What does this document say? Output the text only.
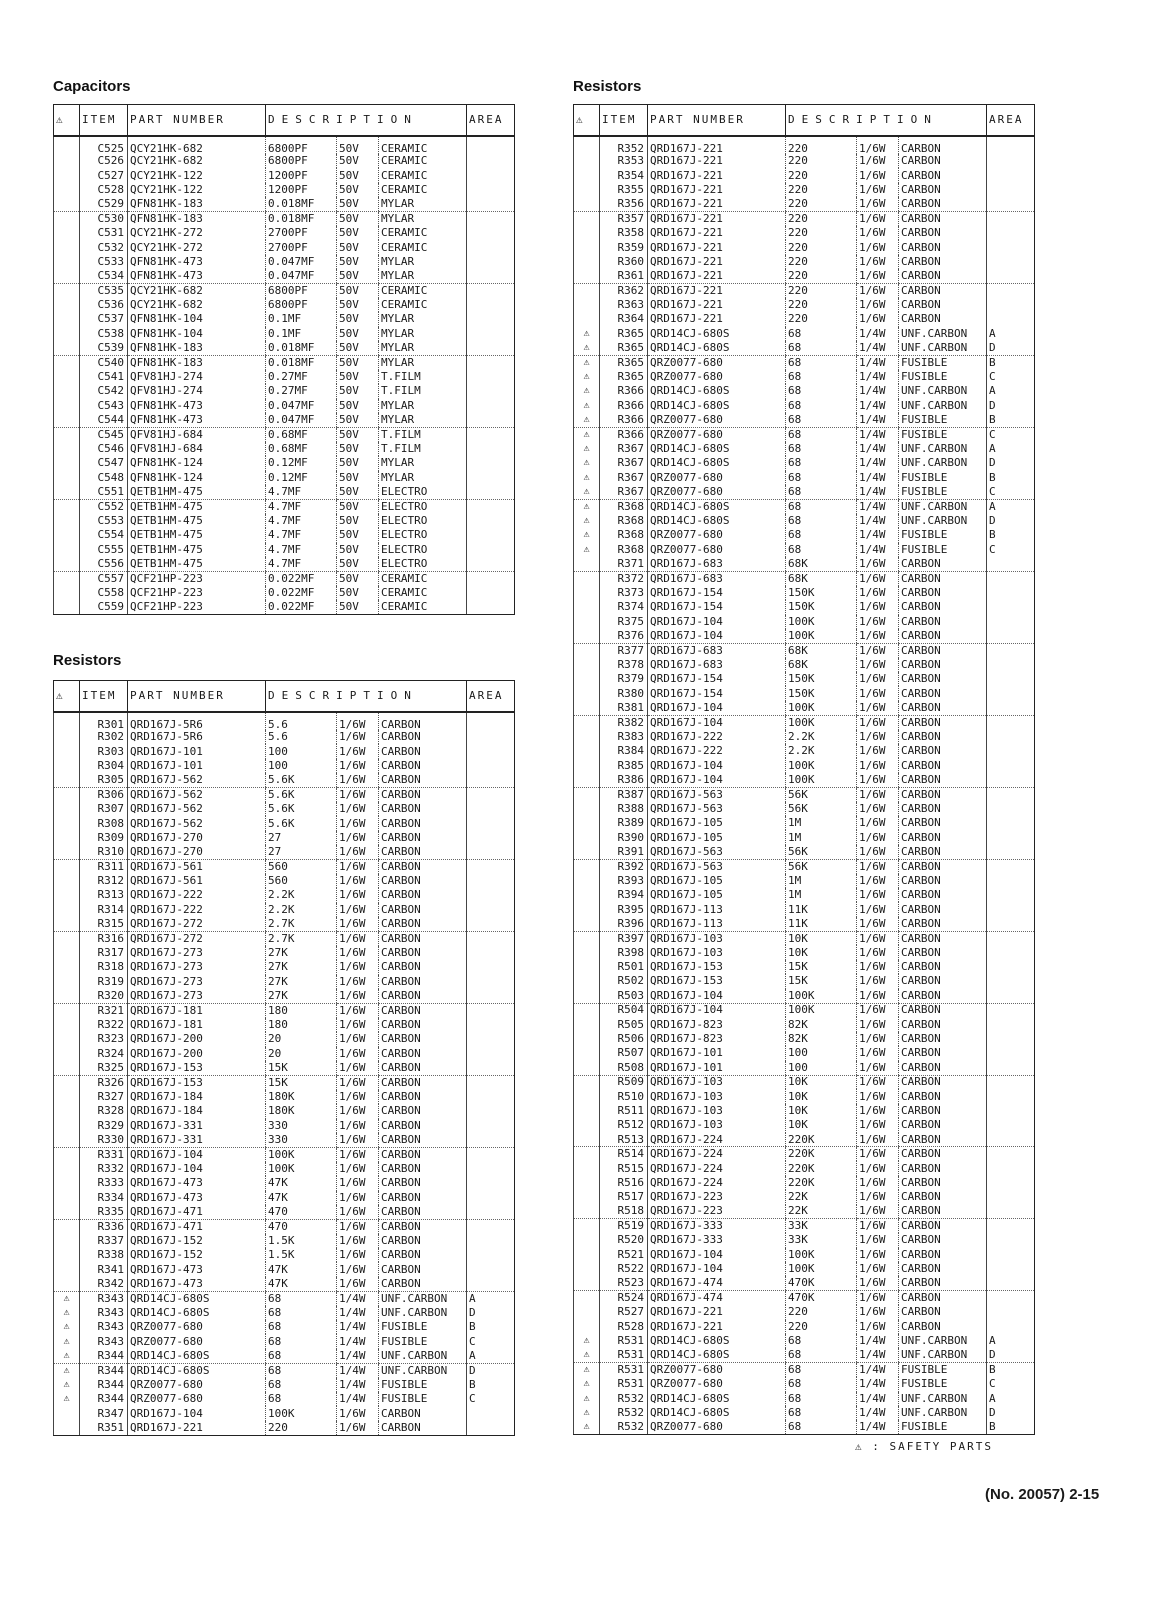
Capacitors
⚠	ITEM	PART NUMBER	DESCRIPTION			AREA
	C525	QCY21HK-682	6800PF	50V	CERAMIC	
	C526	QCY21HK-682	6800PF	50V	CERAMIC	
	C527	QCY21HK-122	1200PF	50V	CERAMIC	
	C528	QCY21HK-122	1200PF	50V	CERAMIC	
	C529	QFN81HK-183	0.018MF	50V	MYLAR	
	C530	QFN81HK-183	0.018MF	50V	MYLAR	
	C531	QCY21HK-272	2700PF	50V	CERAMIC	
	C532	QCY21HK-272	2700PF	50V	CERAMIC	
	C533	QFN81HK-473	0.047MF	50V	MYLAR	
	C534	QFN81HK-473	0.047MF	50V	MYLAR	
	C535	QCY21HK-682	6800PF	50V	CERAMIC	
	C536	QCY21HK-682	6800PF	50V	CERAMIC	
	C537	QFN81HK-104	0.1MF	50V	MYLAR	
	C538	QFN81HK-104	0.1MF	50V	MYLAR	
	C539	QFN81HK-183	0.018MF	50V	MYLAR	
	C540	QFN81HK-183	0.018MF	50V	MYLAR	
	C541	QFV81HJ-274	0.27MF	50V	T.FILM	
	C542	QFV81HJ-274	0.27MF	50V	T.FILM	
	C543	QFN81HK-473	0.047MF	50V	MYLAR	
	C544	QFN81HK-473	0.047MF	50V	MYLAR	
	C545	QFV81HJ-684	0.68MF	50V	T.FILM	
	C546	QFV81HJ-684	0.68MF	50V	T.FILM	
	C547	QFN81HK-124	0.12MF	50V	MYLAR	
	C548	QFN81HK-124	0.12MF	50V	MYLAR	
	C551	QETB1HM-475	4.7MF	50V	ELECTRO	
	C552	QETB1HM-475	4.7MF	50V	ELECTRO	
	C553	QETB1HM-475	4.7MF	50V	ELECTRO	
	C554	QETB1HM-475	4.7MF	50V	ELECTRO	
	C555	QETB1HM-475	4.7MF	50V	ELECTRO	
	C556	QETB1HM-475	4.7MF	50V	ELECTRO	
	C557	QCF21HP-223	0.022MF	50V	CERAMIC	
	C558	QCF21HP-223	0.022MF	50V	CERAMIC	
	C559	QCF21HP-223	0.022MF	50V	CERAMIC	
Resistors
⚠	ITEM	PART NUMBER	DESCRIPTION			AREA
	R301	QRD167J-5R6	5.6	1/6W	CARBON	
	R302	QRD167J-5R6	5.6	1/6W	CARBON	
	R303	QRD167J-101	100	1/6W	CARBON	
	R304	QRD167J-101	100	1/6W	CARBON	
	R305	QRD167J-562	5.6K	1/6W	CARBON	
	R306	QRD167J-562	5.6K	1/6W	CARBON	
	R307	QRD167J-562	5.6K	1/6W	CARBON	
	R308	QRD167J-562	5.6K	1/6W	CARBON	
	R309	QRD167J-270	27	1/6W	CARBON	
	R310	QRD167J-270	27	1/6W	CARBON	
	R311	QRD167J-561	560	1/6W	CARBON	
	R312	QRD167J-561	560	1/6W	CARBON	
	R313	QRD167J-222	2.2K	1/6W	CARBON	
	R314	QRD167J-222	2.2K	1/6W	CARBON	
	R315	QRD167J-272	2.7K	1/6W	CARBON	
	R316	QRD167J-272	2.7K	1/6W	CARBON	
	R317	QRD167J-273	27K	1/6W	CARBON	
	R318	QRD167J-273	27K	1/6W	CARBON	
	R319	QRD167J-273	27K	1/6W	CARBON	
	R320	QRD167J-273	27K	1/6W	CARBON	
	R321	QRD167J-181	180	1/6W	CARBON	
	R322	QRD167J-181	180	1/6W	CARBON	
	R323	QRD167J-200	20	1/6W	CARBON	
	R324	QRD167J-200	20	1/6W	CARBON	
	R325	QRD167J-153	15K	1/6W	CARBON	
	R326	QRD167J-153	15K	1/6W	CARBON	
	R327	QRD167J-184	180K	1/6W	CARBON	
	R328	QRD167J-184	180K	1/6W	CARBON	
	R329	QRD167J-331	330	1/6W	CARBON	
	R330	QRD167J-331	330	1/6W	CARBON	
	R331	QRD167J-104	100K	1/6W	CARBON	
	R332	QRD167J-104	100K	1/6W	CARBON	
	R333	QRD167J-473	47K	1/6W	CARBON	
	R334	QRD167J-473	47K	1/6W	CARBON	
	R335	QRD167J-471	470	1/6W	CARBON	
	R336	QRD167J-471	470	1/6W	CARBON	
	R337	QRD167J-152	1.5K	1/6W	CARBON	
	R338	QRD167J-152	1.5K	1/6W	CARBON	
	R341	QRD167J-473	47K	1/6W	CARBON	
	R342	QRD167J-473	47K	1/6W	CARBON	
⚠	R343	QRD14CJ-680S	68	1/4W	UNF.CARBON	A
⚠	R343	QRD14CJ-680S	68	1/4W	UNF.CARBON	D
⚠	R343	QRZ0077-680	68	1/4W	FUSIBLE	B
⚠	R343	QRZ0077-680	68	1/4W	FUSIBLE	C
⚠	R344	QRD14CJ-680S	68	1/4W	UNF.CARBON	A
⚠	R344	QRD14CJ-680S	68	1/4W	UNF.CARBON	D
⚠	R344	QRZ0077-680	68	1/4W	FUSIBLE	B
⚠	R344	QRZ0077-680	68	1/4W	FUSIBLE	C
	R347	QRD167J-104	100K	1/6W	CARBON	
	R351	QRD167J-221	220	1/6W	CARBON	
Resistors
⚠	ITEM	PART NUMBER	DESCRIPTION			AREA
	R352	QRD167J-221	220	1/6W	CARBON	
	R353	QRD167J-221	220	1/6W	CARBON	
	R354	QRD167J-221	220	1/6W	CARBON	
	R355	QRD167J-221	220	1/6W	CARBON	
	R356	QRD167J-221	220	1/6W	CARBON	
	R357	QRD167J-221	220	1/6W	CARBON	
	R358	QRD167J-221	220	1/6W	CARBON	
	R359	QRD167J-221	220	1/6W	CARBON	
	R360	QRD167J-221	220	1/6W	CARBON	
	R361	QRD167J-221	220	1/6W	CARBON	
	R362	QRD167J-221	220	1/6W	CARBON	
	R363	QRD167J-221	220	1/6W	CARBON	
	R364	QRD167J-221	220	1/6W	CARBON	
⚠	R365	QRD14CJ-680S	68	1/4W	UNF.CARBON	A
⚠	R365	QRD14CJ-680S	68	1/4W	UNF.CARBON	D
⚠	R365	QRZ0077-680	68	1/4W	FUSIBLE	B
⚠	R365	QRZ0077-680	68	1/4W	FUSIBLE	C
⚠	R366	QRD14CJ-680S	68	1/4W	UNF.CARBON	A
⚠	R366	QRD14CJ-680S	68	1/4W	UNF.CARBON	D
⚠	R366	QRZ0077-680	68	1/4W	FUSIBLE	B
⚠	R366	QRZ0077-680	68	1/4W	FUSIBLE	C
⚠	R367	QRD14CJ-680S	68	1/4W	UNF.CARBON	A
⚠	R367	QRD14CJ-680S	68	1/4W	UNF.CARBON	D
⚠	R367	QRZ0077-680	68	1/4W	FUSIBLE	B
⚠	R367	QRZ0077-680	68	1/4W	FUSIBLE	C
⚠	R368	QRD14CJ-680S	68	1/4W	UNF.CARBON	A
⚠	R368	QRD14CJ-680S	68	1/4W	UNF.CARBON	D
⚠	R368	QRZ0077-680	68	1/4W	FUSIBLE	B
⚠	R368	QRZ0077-680	68	1/4W	FUSIBLE	C
	R371	QRD167J-683	68K	1/6W	CARBON	
	R372	QRD167J-683	68K	1/6W	CARBON	
	R373	QRD167J-154	150K	1/6W	CARBON	
	R374	QRD167J-154	150K	1/6W	CARBON	
	R375	QRD167J-104	100K	1/6W	CARBON	
	R376	QRD167J-104	100K	1/6W	CARBON	
	R377	QRD167J-683	68K	1/6W	CARBON	
	R378	QRD167J-683	68K	1/6W	CARBON	
	R379	QRD167J-154	150K	1/6W	CARBON	
	R380	QRD167J-154	150K	1/6W	CARBON	
	R381	QRD167J-104	100K	1/6W	CARBON	
	R382	QRD167J-104	100K	1/6W	CARBON	
	R383	QRD167J-222	2.2K	1/6W	CARBON	
	R384	QRD167J-222	2.2K	1/6W	CARBON	
	R385	QRD167J-104	100K	1/6W	CARBON	
	R386	QRD167J-104	100K	1/6W	CARBON	
	R387	QRD167J-563	56K	1/6W	CARBON	
	R388	QRD167J-563	56K	1/6W	CARBON	
	R389	QRD167J-105	1M	1/6W	CARBON	
	R390	QRD167J-105	1M	1/6W	CARBON	
	R391	QRD167J-563	56K	1/6W	CARBON	
	R392	QRD167J-563	56K	1/6W	CARBON	
	R393	QRD167J-105	1M	1/6W	CARBON	
	R394	QRD167J-105	1M	1/6W	CARBON	
	R395	QRD167J-113	11K	1/6W	CARBON	
	R396	QRD167J-113	11K	1/6W	CARBON	
	R397	QRD167J-103	10K	1/6W	CARBON	
	R398	QRD167J-103	10K	1/6W	CARBON	
	R501	QRD167J-153	15K	1/6W	CARBON	
	R502	QRD167J-153	15K	1/6W	CARBON	
	R503	QRD167J-104	100K	1/6W	CARBON	
	R504	QRD167J-104	100K	1/6W	CARBON	
	R505	QRD167J-823	82K	1/6W	CARBON	
	R506	QRD167J-823	82K	1/6W	CARBON	
	R507	QRD167J-101	100	1/6W	CARBON	
	R508	QRD167J-101	100	1/6W	CARBON	
	R509	QRD167J-103	10K	1/6W	CARBON	
	R510	QRD167J-103	10K	1/6W	CARBON	
	R511	QRD167J-103	10K	1/6W	CARBON	
	R512	QRD167J-103	10K	1/6W	CARBON	
	R513	QRD167J-224	220K	1/6W	CARBON	
	R514	QRD167J-224	220K	1/6W	CARBON	
	R515	QRD167J-224	220K	1/6W	CARBON	
	R516	QRD167J-224	220K	1/6W	CARBON	
	R517	QRD167J-223	22K	1/6W	CARBON	
	R518	QRD167J-223	22K	1/6W	CARBON	
	R519	QRD167J-333	33K	1/6W	CARBON	
	R520	QRD167J-333	33K	1/6W	CARBON	
	R521	QRD167J-104	100K	1/6W	CARBON	
	R522	QRD167J-104	100K	1/6W	CARBON	
	R523	QRD167J-474	470K	1/6W	CARBON	
	R524	QRD167J-474	470K	1/6W	CARBON	
	R527	QRD167J-221	220	1/6W	CARBON	
	R528	QRD167J-221	220	1/6W	CARBON	
⚠	R531	QRD14CJ-680S	68	1/4W	UNF.CARBON	A
⚠	R531	QRD14CJ-680S	68	1/4W	UNF.CARBON	D
⚠	R531	QRZ0077-680	68	1/4W	FUSIBLE	B
⚠	R531	QRZ0077-680	68	1/4W	FUSIBLE	C
⚠	R532	QRD14CJ-680S	68	1/4W	UNF.CARBON	A
⚠	R532	QRD14CJ-680S	68	1/4W	UNF.CARBON	D
⚠	R532	QRZ0077-680	68	1/4W	FUSIBLE	B
⚠ : SAFETY PARTS
(No. 20057) 2-15
